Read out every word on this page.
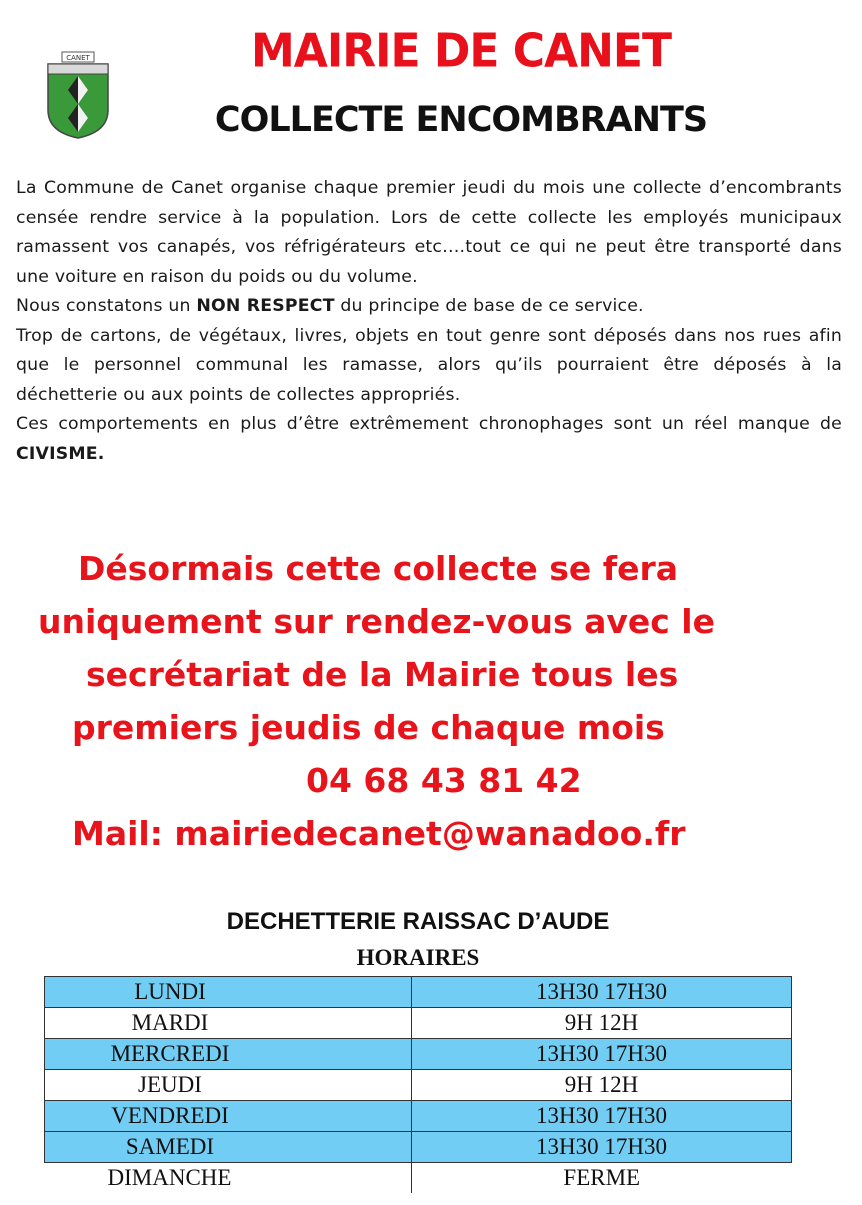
CANET	MAIRIE DE CANET
COLLECTE ENCOMBRANTS

La Commune de Canet organise chaque premier jeudi du mois une collecte d’encombrants censée rendre service à la population. Lors de cette collecte les employés municipaux ramassent vos canapés, vos réfrigérateurs etc….tout ce qui ne peut être transporté dans une voiture en raison du poids ou du volume.

Nous constatons un NON RESPECT du principe de base de ce service.

Trop de cartons, de végétaux, livres, objets en tout genre sont déposés dans nos rues afin que le personnel communal les ramasse, alors qu’ils pourraient être déposés à la déchetterie ou aux points de collectes appropriés.

Ces comportements en plus d’être extrêmement chronophages sont un réel manque de CIVISME.

Désormais cette collecte se fera
uniquement sur rendez-vous avec le
secrétariat de la Mairie tous les
premiers jeudis de chaque mois
04 68 43 81 42
Mail: mairiedecanet@wanadoo.fr
DECHETTERIE RAISSAC D’AUDE
HORAIRES
LUNDI	13H30 17H30
MARDI	9H 12H
MERCREDI	13H30 17H30
JEUDI	9H 12H
VENDREDI	13H30 17H30
SAMEDI	13H30 17H30
DIMANCHE	FERME
